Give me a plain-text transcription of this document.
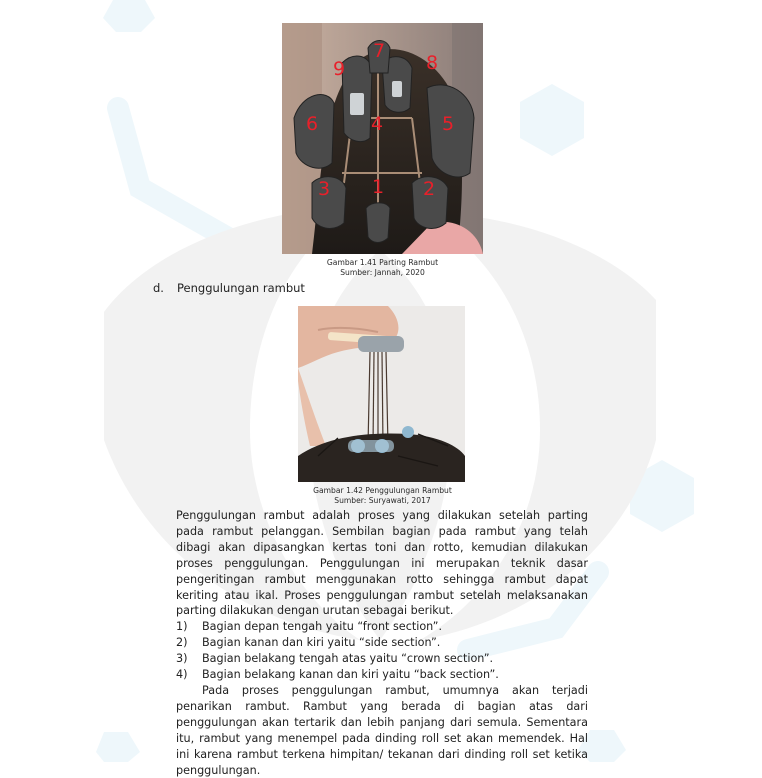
1 2
3
4	5
6
7
8
9
Gambar 1.41 Parting Rambut
Sumber: Jannah, 2020
d. Penggulungan rambut
Gambar 1.42 Penggulungan Rambut
Sumber: Suryawati, 2017

Penggulungan rambut adalah proses yang dilakukan setelah parting pada rambut pelanggan. Sembilan bagian pada rambut yang telah dibagi akan dipasangkan kertas toni dan rotto, kemudian dilakukan proses penggulungan. Penggulungan ini merupakan teknik dasar pengeritingan rambut menggunakan rotto sehingga rambut dapat keriting atau ikal. Proses penggulungan rambut setelah melaksanakan parting dilakukan dengan urutan sebagai berikut.

1) Bagian depan tengah yaitu “front section”.
2) Bagian kanan dan kiri yaitu “side section”.
3) Bagian belakang tengah atas yaitu “crown section”.
4) Bagian belakang kanan dan kiri yaitu “back section”.

Pada proses penggulungan rambut, umumnya akan terjadi penarikan rambut. Rambut yang berada di bagian atas dari penggulungan akan tertarik dan lebih panjang dari semula. Sementara itu, rambut yang menempel pada dinding roll set akan memendek. Hal ini karena rambut terkena himpitan/ tekanan dari dinding roll set ketika penggulungan.
